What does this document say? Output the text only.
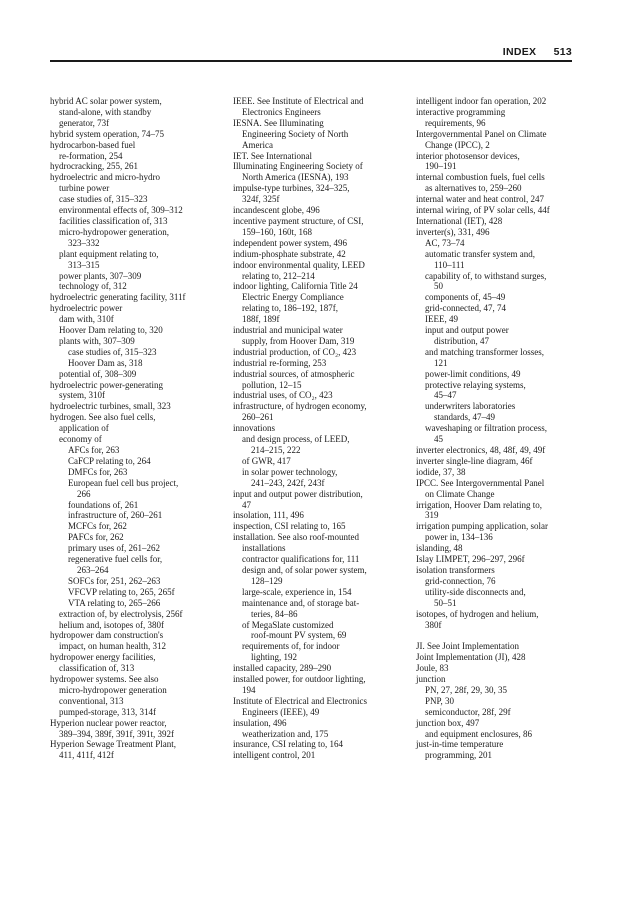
INDEX 513
hybrid AC solar power system,
stand-alone, with standby
generator, 73f
hybrid system operation, 74–75
hydrocarbon-based fuel
re-formation, 254
hydrocracking, 255, 261
hydroelectric and micro-hydro
turbine power
case studies of, 315–323
environmental effects of, 309–312
facilities classification of, 313
micro-hydropower generation,
323–332
plant equipment relating to,
313–315
power plants, 307–309
technology of, 312
hydroelectric generating facility, 311f
hydroelectric power
dam with, 310f
Hoover Dam relating to, 320
plants with, 307–309
case studies of, 315–323
Hoover Dam as, 318
potential of, 308–309
hydroelectric power-generating
system, 310f
hydroelectric turbines, small, 323
hydrogen. See also fuel cells,
application of
economy of
AFCs for, 263
CaFCP relating to, 264
DMFCs for, 263
European fuel cell bus project,
266
foundations of, 261
infrastructure of, 260–261
MCFCs for, 262
PAFCs for, 262
primary uses of, 261–262
regenerative fuel cells for,
263–264
SOFCs for, 251, 262–263
VFCVP relating to, 265, 265f
VTA relating to, 265–266
extraction of, by electrolysis, 256f
helium and, isotopes of, 380f
hydropower dam construction's
impact, on human health, 312
hydropower energy facilities,
classification of, 313
hydropower systems. See also
micro-hydropower generation
conventional, 313
pumped-storage, 313, 314f
Hyperion nuclear power reactor,
389–394, 389f, 391f, 391t, 392f
Hyperion Sewage Treatment Plant,
411, 411f, 412f
IEEE. See Institute of Electrical and
Electronics Engineers
IESNA. See Illuminating
Engineering Society of North
America
IET. See International
Illuminating Engineering Society of
North America (IESNA), 193
impulse-type turbines, 324–325,
324f, 325f
incandescent globe, 496
incentive payment structure, of CSI,
159–160, 160t, 168
independent power system, 496
indium-phosphate substrate, 42
indoor environmental quality, LEED
relating to, 212–214
indoor lighting, California Title 24
Electric Energy Compliance
relating to, 186–192, 187f,
188f, 189f
industrial and municipal water
supply, from Hoover Dam, 319
industrial production, of CO₂, 423
industrial re-forming, 253
industrial sources, of atmospheric
pollution, 12–15
industrial uses, of CO₂, 423
infrastructure, of hydrogen economy,
260–261
innovations
and design process, of LEED,
214–215, 222
of GWR, 417
in solar power technology,
241–243, 242f, 243f
input and output power distribution,
47
insolation, 111, 496
inspection, CSI relating to, 165
installation. See also roof-mounted
installations
contractor qualifications for, 111
design and, of solar power system,
128–129
large-scale, experience in, 154
maintenance and, of storage bat-
teries, 84–86
of MegaSlate customized
roof-mount PV system, 69
requirements of, for indoor
lighting, 192
installed capacity, 289–290
installed power, for outdoor lighting,
194
Institute of Electrical and Electronics
Engineers (IEEE), 49
insulation, 496
weatherization and, 175
insurance, CSI relating to, 164
intelligent control, 201
intelligent indoor fan operation, 202
interactive programming
requirements, 96
Intergovernmental Panel on Climate
Change (IPCC), 2
interior photosensor devices,
190–191
internal combustion fuels, fuel cells
as alternatives to, 259–260
internal water and heat control, 247
internal wiring, of PV solar cells, 44f
International (IET), 428
inverter(s), 331, 496
AC, 73–74
automatic transfer system and,
110–111
capability of, to withstand surges,
50
components of, 45–49
grid-connected, 47, 74
IEEE, 49
input and output power
distribution, 47
and matching transformer losses,
121
power-limit conditions, 49
protective relaying systems,
45–47
underwriters laboratories
standards, 47–49
waveshaping or filtration process,
45
inverter electronics, 48, 48f, 49, 49f
inverter single-line diagram, 46f
iodide, 37, 38
IPCC. See Intergovernmental Panel
on Climate Change
irrigation, Hoover Dam relating to,
319
irrigation pumping application, solar
power in, 134–136
islanding, 48
Islay LIMPET, 296–297, 296f
isolation transformers
grid-connection, 76
utility-side disconnects and,
50–51
isotopes, of hydrogen and helium,
380f
JI. See Joint Implementation
Joint Implementation (JI), 428
Joule, 83
junction
PN, 27, 28f, 29, 30, 35
PNP, 30
semiconductor, 28f, 29f
junction box, 497
and equipment enclosures, 86
just-in-time temperature
programming, 201
